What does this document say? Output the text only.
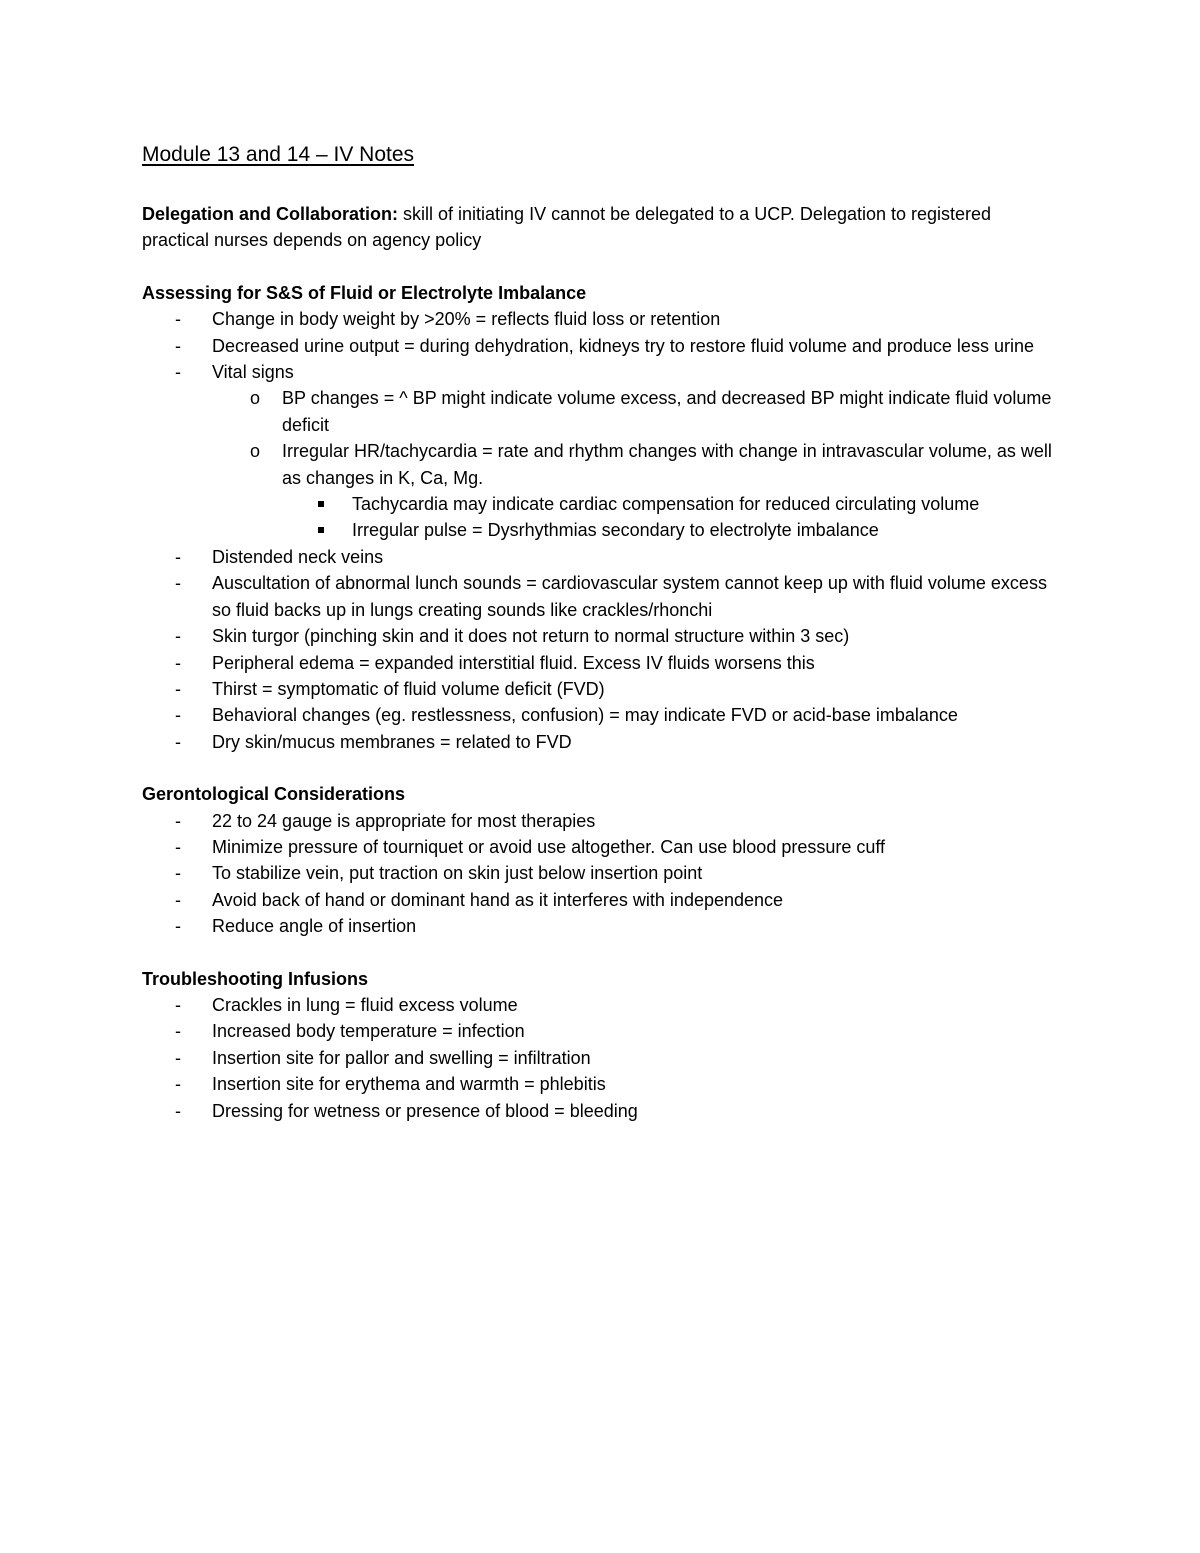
Module 13 and 14 – IV Notes
Delegation and Collaboration: skill of initiating IV cannot be delegated to a UCP. Delegation to registered practical nurses depends on agency policy
Assessing for S&S of Fluid or Electrolyte Imbalance
- Change in body weight by >20% = reflects fluid loss or retention
- Decreased urine output = during dehydration, kidneys try to restore fluid volume and produce less urine
- Vital signs
o BP changes = ^ BP might indicate volume excess, and decreased BP might indicate fluid volume deficit
o Irregular HR/tachycardia = rate and rhythm changes with change in intravascular volume, as well as changes in K, Ca, Mg.
Tachycardia may indicate cardiac compensation for reduced circulating volume
Irregular pulse = Dysrhythmias secondary to electrolyte imbalance
- Distended neck veins
- Auscultation of abnormal lunch sounds = cardiovascular system cannot keep up with fluid volume excess so fluid backs up in lungs creating sounds like crackles/rhonchi
- Skin turgor (pinching skin and it does not return to normal structure within 3 sec)
- Peripheral edema = expanded interstitial fluid. Excess IV fluids worsens this
- Thirst = symptomatic of fluid volume deficit (FVD)
- Behavioral changes (eg. restlessness, confusion) = may indicate FVD or acid-base imbalance
- Dry skin/mucus membranes = related to FVD
Gerontological Considerations
- 22 to 24 gauge is appropriate for most therapies
- Minimize pressure of tourniquet or avoid use altogether. Can use blood pressure cuff
- To stabilize vein, put traction on skin just below insertion point
- Avoid back of hand or dominant hand as it interferes with independence
- Reduce angle of insertion
Troubleshooting Infusions
- Crackles in lung = fluid excess volume
- Increased body temperature = infection
- Insertion site for pallor and swelling = infiltration
- Insertion site for erythema and warmth = phlebitis
- Dressing for wetness or presence of blood = bleeding
